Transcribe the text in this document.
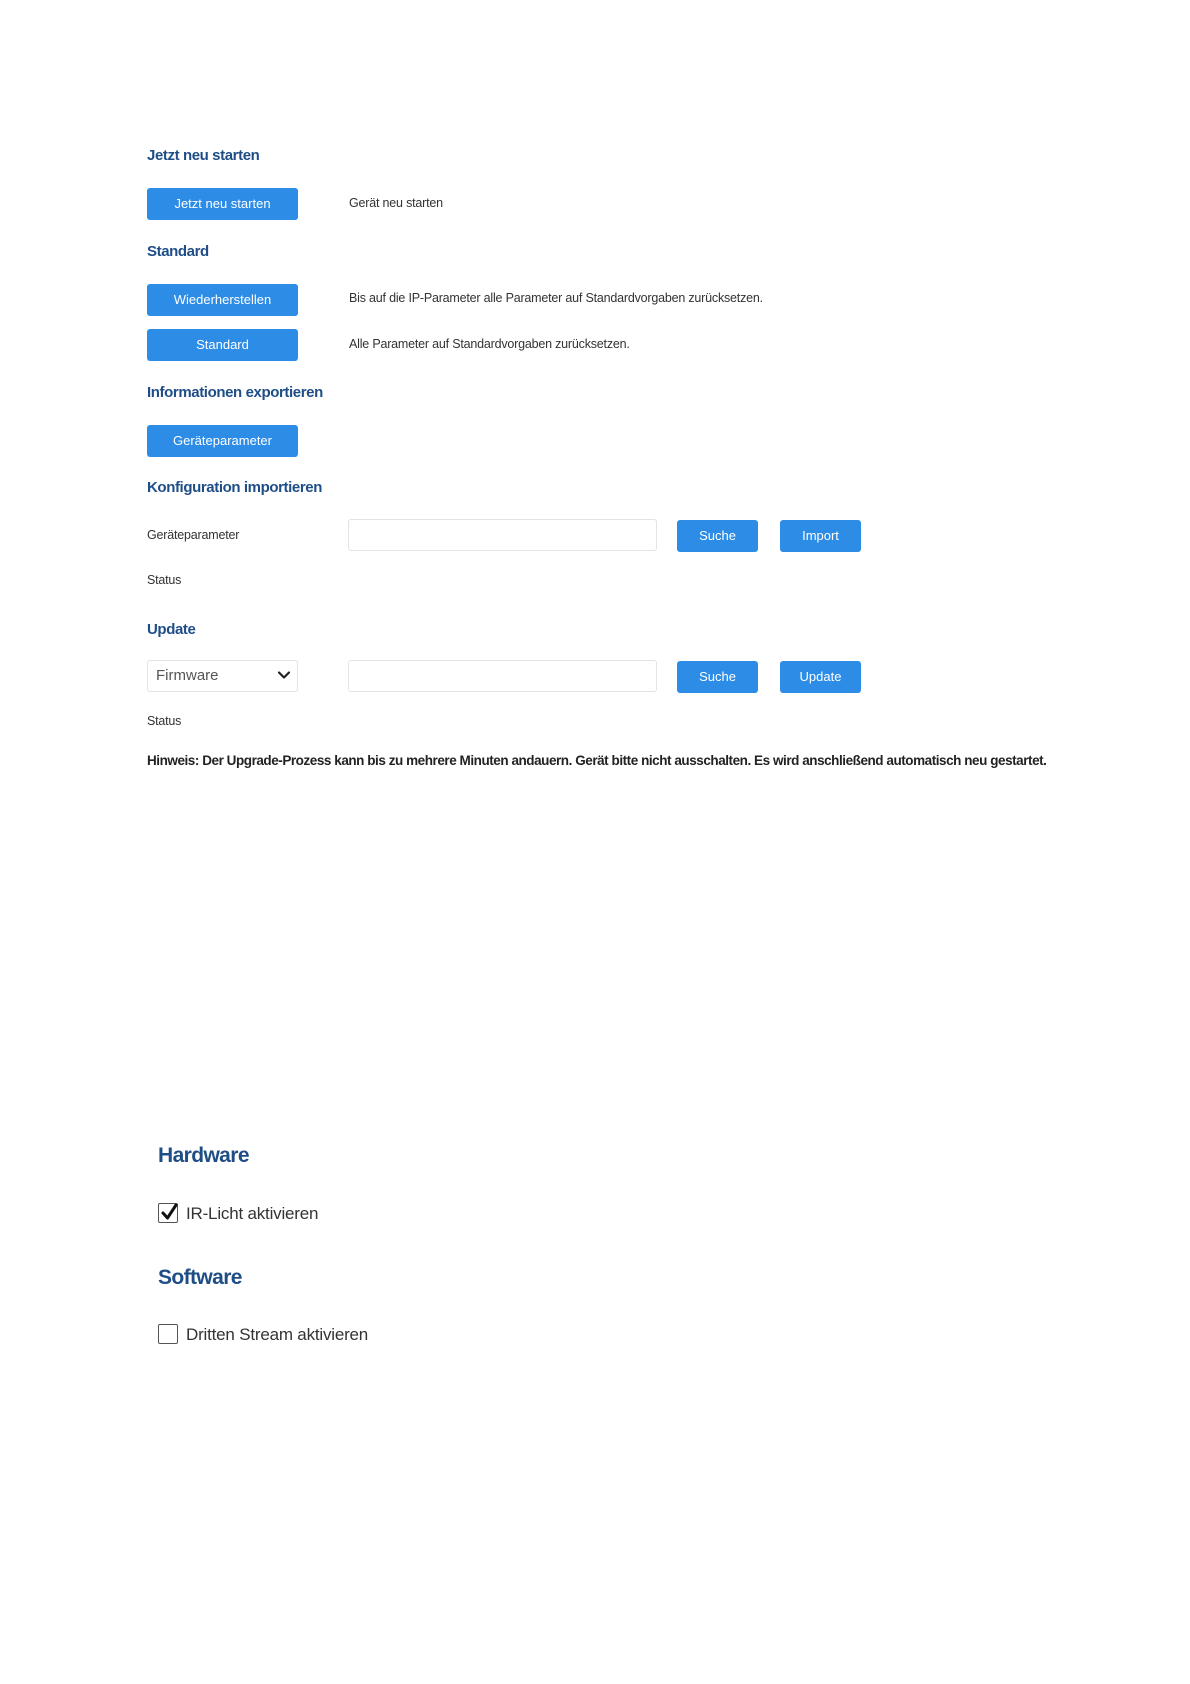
Jetzt neu starten
Jetzt neu starten	Gerät neu starten
Standard
Wiederherstellen	Bis auf die IP-Parameter alle Parameter auf Standardvorgaben zurücksetzen.
Standard	Alle Parameter auf Standardvorgaben zurücksetzen.
Informationen exportieren
Geräteparameter
Konfiguration importieren
Geräteparameter	Suche	Import
Status
Update
Firmware	Suche	Update
Status
Hinweis: Der Upgrade-Prozess kann bis zu mehrere Minuten andauern. Gerät bitte nicht ausschalten. Es wird anschließend automatisch neu gestartet.
Hardware
IR-Licht aktivieren
Software
Dritten Stream aktivieren
